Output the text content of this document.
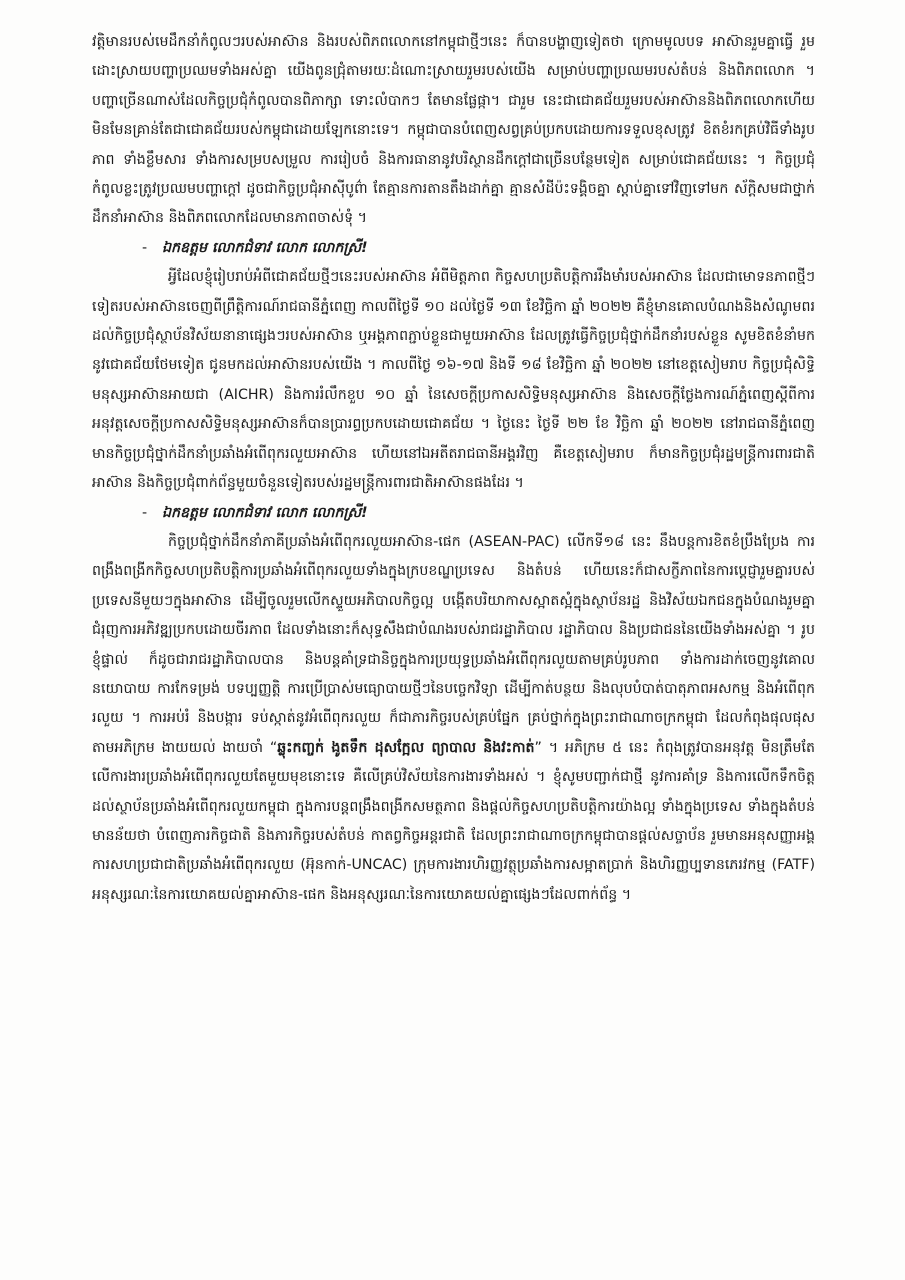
វត្តិមានរបស់មេដឹកនាំកំពូលៗរបស់អាស៊ាន និងរបស់ពិភពលោកនៅកម្ពុជាថ្មីៗនេះ ក៏បានបង្ហាញទៀតថា ក្រោមមូលបទ អាស៊ានរួមគ្នាធ្វើ រួមដោះស្រាយបញ្ហាប្រឈមទាំងអស់គ្នា យើងពូនជ្រុំតាមរយៈដំណោះស្រាយរួមរបស់យើង សម្រាប់បញ្ហាប្រឈមរបស់តំបន់ និងពិភពលោក ។ បញ្ហាច្រើនណាស់ដែលកិច្ចប្រជុំកំពូលបានពិភាក្សា ទោះលំបាកៗ តែមានផ្លែផ្កា។ ជារួម នេះជាជោគជ័យរួមរបស់អាស៊ាននិងពិភពលោកហើយមិនមែនគ្រាន់តែជាជោគជ័យរបស់កម្ពុជាដោយឡែកនោះទេ។ កម្ពុជាបានបំពេញសព្វគ្រប់ប្រកបដោយការទទួលខុសត្រូវ ខិតខំរកគ្រប់វិធីទាំងរូបភាព ទាំងខ្លឹមសារ ទាំងការសម្របសម្រួល ការរៀបចំ និងការធានានូវបរិស្ថានដឹកក្តៅជាច្រើនបន្ថែមទៀត សម្រាប់ជោគជ័យនេះ ។ កិច្ចប្រជុំកំពូលខ្លះត្រូវប្រឈមបញ្ហាក្តៅ ដូចជាកិច្ចប្រជុំអាស៊ីបូព៌ា តែគ្មានការតានតឹងដាក់គ្នា គ្មានសំដីប៉ះទង្គិចគ្នា ស្តាប់គ្នាទៅវិញទៅមក ស័ក្តិសមជាថ្នាក់ដឹកនាំអាស៊ាន និងពិភពលោកដែលមានភាពចាស់ទុំ ។

- ឯកឧត្តម លោកជំទាវ លោក លោកស្រី!

អ្វីដែលខ្ញុំរៀបរាប់អំពីជោគជ័យថ្មីៗនេះរបស់អាស៊ាន អំពីមិត្តភាព កិច្ចសហប្រតិបត្តិការរឹងមាំរបស់អាស៊ាន ដែលជាមោទនភាពថ្មីៗទៀតរបស់អាស៊ានចេញពីព្រឹត្តិការណ៍រាជធានីភ្នំពេញ កាលពីថ្ងៃទី ១០ ដល់ថ្ងៃទី ១៣ ខែវិច្ឆិកា ឆ្នាំ ២០២២ គឺខ្ញុំមានគោលបំណងនិងសំណូមពរដល់កិច្ចប្រជុំស្ថាប័នវិស័យនានាផ្សេងៗរបស់អាស៊ាន ឬអង្គភាពភ្ជាប់ខ្លួនជាមួយអាស៊ាន ដែលត្រូវធ្វើកិច្ចប្រជុំថ្នាក់ដឹកនាំរបស់ខ្លួន សូមខិតខំនាំមកនូវជោគជ័យថែមទៀត ជូនមកដល់អាស៊ានរបស់យើង ។ កាលពីថ្ងៃ ១៦-១៧ និងទី ១៨ ខែវិច្ឆិកា ឆ្នាំ ២០២២ នៅខេត្តសៀមរាប កិច្ចប្រជុំសិទ្ធិមនុស្សអាស៊ានអាយជា (AICHR) និងការរំលឹកខួប ១០ ឆ្នាំ នៃសេចក្តីប្រកាសសិទ្ធិមនុស្សអាស៊ាន និងសេចក្តីថ្លែងការណ៍ភ្នំពេញស្តីពីការអនុវត្តសេចក្តីប្រកាសសិទ្ធិមនុស្សអាស៊ានក៏បានប្រារព្ធប្រកបដោយជោគជ័យ ។ ថ្ងៃនេះ ថ្ងៃទី ២២ ខែ វិច្ឆិកា ឆ្នាំ ២០២២ នៅរាជធានីភ្នំពេញ មានកិច្ចប្រជុំថ្នាក់ដឹកនាំប្រឆាំងអំពើពុករលួយអាស៊ាន ហើយនៅឯអតីតរាជធានីអង្គរវិញ គឺខេត្តសៀមរាប ក៏មានកិច្ចប្រជុំរដ្ឋមន្ត្រីការពារជាតិអាស៊ាន និងកិច្ចប្រជុំពាក់ព័ន្ធមួយចំនួនទៀតរបស់រដ្ឋមន្ត្រីការពារជាតិអាស៊ានផងដែរ ។

- ឯកឧត្តម លោកជំទាវ លោក លោកស្រី!

កិច្ចប្រជុំថ្នាក់ដឹកនាំភាគីប្រឆាំងអំពើពុករលួយអាស៊ាន-ផេក (ASEAN-PAC) លើកទី១៨ នេះ នឹងបន្តការខិតខំប្រឹងប្រែង ការពង្រឹងពង្រីកកិច្ចសហប្រតិបត្តិការប្រឆាំងអំពើពុករលួយទាំងក្នុងក្របខណ្ឌប្រទេស និងតំបន់ ហើយនេះក៏ជាសក្ខីភាពនៃការប្តេជ្ញារួមគ្នារបស់ប្រទេសនីមួយៗក្នុងអាស៊ាន ដើម្បីចូលរួមលើកស្ទួយអភិបាលកិច្ចល្អ បង្កើតបរិយាកាសស្អាតស្អំក្នុងស្ថាប័នរដ្ឋ និងវិស័យឯកជនក្នុងបំណងរួមគ្នាជំរុញការអភិវឌ្ឍប្រកបដោយចីរភាព ដែលទាំងនោះក៏សុទ្ធសឹងជាបំណងរបស់រាជរដ្ឋាភិបាល រដ្ឋាភិបាល និងប្រជាជននៃយើងទាំងអស់គ្នា ។ រូបខ្ញុំផ្ទាល់ ក៏ដូចជារាជរដ្ឋាភិបាលបាន និងបន្តគាំទ្រជានិច្ចក្នុងការប្រយុទ្ធប្រឆាំងអំពើពុករលួយតាមគ្រប់រូបភាព ទាំងការដាក់ចេញនូវគោលនយោបាយ ការកែទម្រង់ បទប្បញ្ញត្តិ ការប្រើប្រាស់មធ្យោបាយថ្មីៗនៃបច្ចេកវិទ្យា ដើម្បីកាត់បន្ថយ និងលុបបំបាត់បាតុភាពអសកម្ម និងអំពើពុករលួយ ។ ការអប់រំ និងបង្ការ ទប់ស្កាត់នូវអំពើពុករលួយ ក៏ជាភារកិច្ចរបស់គ្រប់ផ្នែក គ្រប់ថ្នាក់ក្នុងព្រះរាជាណាចក្រកម្ពុជា ដែលកំពុងផុលផុសតាមអភិក្រម ងាយយល់ ងាយចាំ “ឆ្លុះកញ្ចក់ ងូតទឹក ដុសក្អែល ព្យាបាល និងវះកាត់” ។ អភិក្រម ៥ នេះ កំពុងត្រូវបានអនុវត្ត មិនត្រឹមតែលើការងារប្រឆាំងអំពើពុករលួយតែមួយមុខនោះទេ គឺលើគ្រប់វិស័យនៃការងារទាំងអស់ ។ ខ្ញុំសូមបញ្ជាក់ជាថ្មី នូវការគាំទ្រ និងការលើកទឹកចិត្តដល់ស្ថាប័នប្រឆាំងអំពើពុករលួយកម្ពុជា ក្នុងការបន្តពង្រឹងពង្រីកសមត្ថភាព និងផ្តល់កិច្ចសហប្រតិបត្តិការយ៉ាងល្អ ទាំងក្នុងប្រទេស ទាំងក្នុងតំបន់ មានន័យថា បំពេញភារកិច្ចជាតិ និងភារកិច្ចរបស់តំបន់ កាតព្វកិច្ចអន្តរជាតិ ដែលព្រះរាជាណាចក្រកម្ពុជាបានផ្តល់សច្ចាប័ន រួមមានអនុសញ្ញាអង្គការសហប្រជាជាតិប្រឆាំងអំពើពុករលួយ (អ៊ុនកាក់-UNCAC) ក្រុមការងារហិរញ្ញវត្ថុប្រឆាំងការសម្អាតប្រាក់ និងហិរញ្ញប្បទានភេរវកម្ម (FATF) អនុស្សរណៈនៃការយោគយល់គ្នាអាស៊ាន-ផេក និងអនុស្សរណៈនៃការយោគយល់គ្នាផ្សេងៗដែលពាក់ព័ន្ធ ។
